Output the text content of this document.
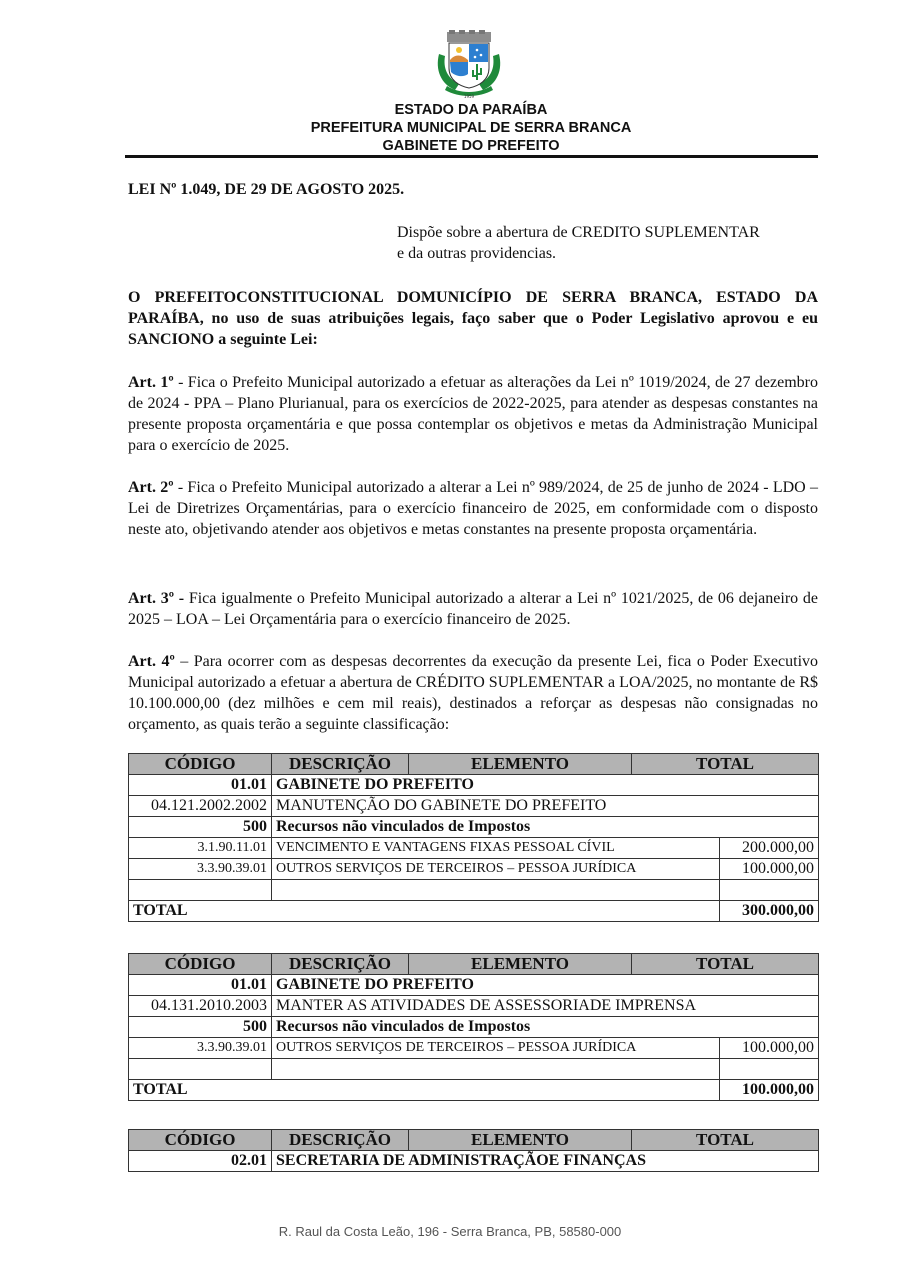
1959
ESTADO DA PARAÍBA
PREFEITURA MUNICIPAL DE SERRA BRANCA
GABINETE DO PREFEITO
LEI Nº 1.049, DE 29 DE AGOSTO 2025.
Dispõe sobre a abertura de CREDITO SUPLEMENTAR
e da outras providencias.
O PREFEITOCONSTITUCIONAL DOMUNICÍPIO DE SERRA BRANCA, ESTADO DA PARAÍBA, no uso de suas atribuições legais, faço saber que o Poder Legislativo aprovou e eu SANCIONO a seguinte Lei:
Art. 1º - Fica o Prefeito Municipal autorizado a efetuar as alterações da Lei nº 1019/2024, de 27 dezembro de 2024 - PPA – Plano Plurianual, para os exercícios de 2022-2025, para atender as despesas constantes na presente proposta orçamentária e que possa contemplar os objetivos e metas da Administração Municipal para o exercício de 2025.
Art. 2º - Fica o Prefeito Municipal autorizado a alterar a Lei nº 989/2024, de 25 de junho de 2024 - LDO – Lei de Diretrizes Orçamentárias, para o exercício financeiro de 2025, em conformidade com o disposto neste ato, objetivando atender aos objetivos e metas constantes na presente proposta orçamentária.
Art. 3º - Fica igualmente o Prefeito Municipal autorizado a alterar a Lei nº 1021/2025, de 06 dejaneiro de 2025 – LOA – Lei Orçamentária para o exercício financeiro de 2025.
Art. 4º – Para ocorrer com as despesas decorrentes da execução da presente Lei, fica o Poder Executivo Municipal autorizado a efetuar a abertura de CRÉDITO SUPLEMENTAR a LOA/2025, no montante de R$ 10.100.000,00 (dez milhões e cem mil reais), destinados a reforçar as despesas não consignadas no orçamento, as quais terão a seguinte classificação:
CÓDIGO	DESCRIÇÃO	ELEMENTO	TOTAL	
01.01	GABINETE DO PREFEITO			
04.121.2002.2002	MANUTENÇÃO DO GABINETE DO PREFEITO			
500	Recursos não vinculados de Impostos			
3.1.90.11.01	VENCIMENTO E VANTAGENS FIXAS PESSOAL CÍVIL			200.000,00
3.3.90.39.01	OUTROS SERVIÇOS DE TERCEIROS – PESSOA JURÍDICA			100.000,00

TOTAL				300.000,00
CÓDIGO	DESCRIÇÃO	ELEMENTO	TOTAL	
01.01	GABINETE DO PREFEITO			
04.131.2010.2003	MANTER AS ATIVIDADES DE ASSESSORIADE IMPRENSA			
500	Recursos não vinculados de Impostos			
3.3.90.39.01	OUTROS SERVIÇOS DE TERCEIROS – PESSOA JURÍDICA			100.000,00

TOTAL				100.000,00
CÓDIGO	DESCRIÇÃO	ELEMENTO	TOTAL
02.01	SECRETARIA DE ADMINISTRAÇÃOE FINANÇAS		
R. Raul da Costa Leão, 196 - Serra Branca, PB, 58580-000
